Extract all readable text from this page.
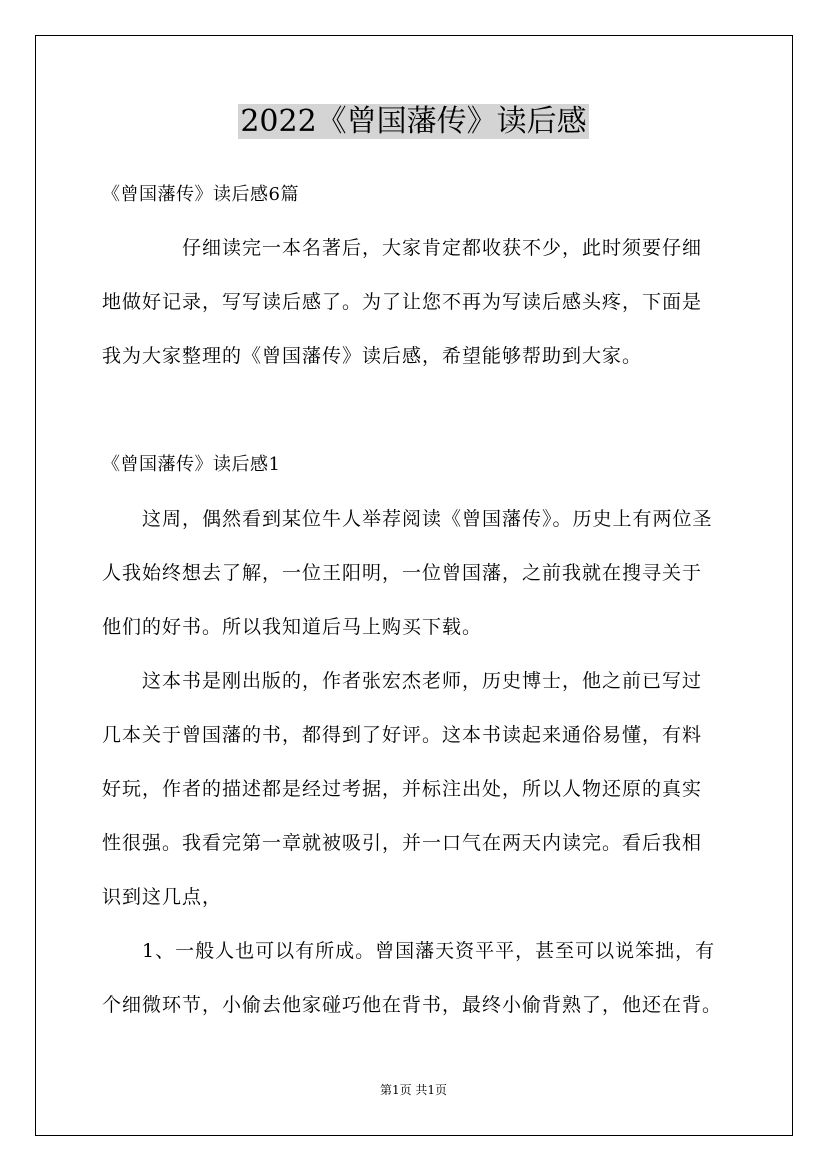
2022《曾国藩传》读后感
《曾国藩传》读后感6篇
仔细读完一本名著后，大家肯定都收获不少，此时须要仔细
地做好记录，写写读后感了。为了让您不再为写读后感头疼，下面是
我为大家整理的《曾国藩传》读后感，希望能够帮助到大家。
《曾国藩传》读后感1
这周，偶然看到某位牛人举荐阅读《曾国藩传》。历史上有两位圣
人我始终想去了解，一位王阳明，一位曾国藩，之前我就在搜寻关于
他们的好书。所以我知道后马上购买下载。
这本书是刚出版的，作者张宏杰老师，历史博士，他之前已写过
几本关于曾国藩的书，都得到了好评。这本书读起来通俗易懂，有料
好玩，作者的描述都是经过考据，并标注出处，所以人物还原的真实
性很强。我看完第一章就被吸引，并一口气在两天内读完。看后我相
识到这几点，
1、一般人也可以有所成。曾国藩天资平平，甚至可以说笨拙，有
个细微环节，小偷去他家碰巧他在背书，最终小偷背熟了，他还在背。
第1页 共1页
